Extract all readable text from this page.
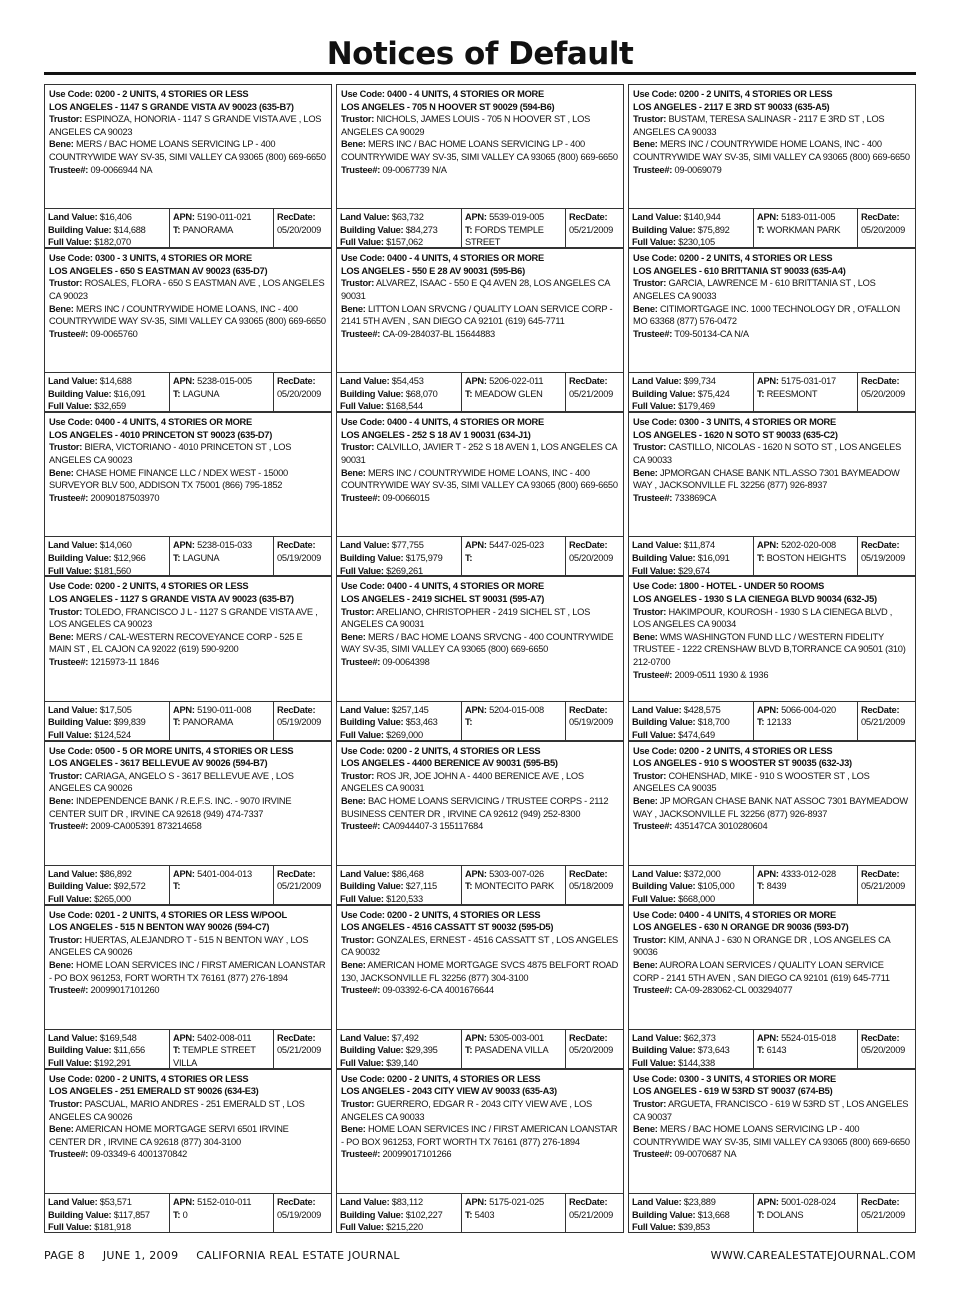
Notices of Default
Use Code: 0200 - 2 UNITS, 4 STORIES OR LESS
LOS ANGELES - 1147 S GRANDE VISTA AV 90023 (635-B7)
Trustor: ESPINOZA, HONORIA - 1147 S GRANDE VISTA AVE , LOS ANGELES CA 90023
Bene: MERS / BAC HOME LOANS SERVICING LP - 400 COUNTRYWIDE WAY SV-35, SIMI VALLEY CA 93065 (800) 669-6650
Trustee#: 09-0066944 NA
Land Value: $16,406
Building Value: $14,688
Full Value: $182,070
APN: 5190-011-021
T: PANORAMA
RecDate:
05/20/2009
Use Code: 0400 - 4 UNITS, 4 STORIES OR MORE
LOS ANGELES - 705 N HOOVER ST 90029 (594-B6)
Trustor: NICHOLS, JAMES LOUIS - 705 N HOOVER ST , LOS ANGELES CA 90029
Bene: MERS INC / BAC HOME LOANS SERVICING LP - 400 COUNTRYWIDE WAY SV-35, SIMI VALLEY CA 93065 (800) 669-6650
Trustee#: 09-0067739 N/A
Land Value: $63,732
Building Value: $84,273
Full Value: $157,062
APN: 5539-019-005
T: FORDS TEMPLE STREET
RecDate:
05/21/2009
Use Code: 0200 - 2 UNITS, 4 STORIES OR LESS
LOS ANGELES - 2117 E 3RD ST 90033 (635-A5)
Trustor: BUSTAM, TERESA SALINASR - 2117 E 3RD ST , LOS ANGELES CA 90033
Bene: MERS INC / COUNTRYWIDE HOME LOANS, INC - 400 COUNTRYWIDE WAY SV-35, SIMI VALLEY CA 93065 (800) 669-6650
Trustee#: 09-0069079
Land Value: $140,944
Building Value: $75,892
Full Value: $230,105
APN: 5183-011-005
T: WORKMAN PARK
RecDate:
05/20/2009
Use Code: 0300 - 3 UNITS, 4 STORIES OR MORE
LOS ANGELES - 650 S EASTMAN AV 90023 (635-D7)
Trustor: ROSALES, FLORA - 650 S EASTMAN AVE , LOS ANGELES CA 90023
Bene: MERS INC / COUNTRYWIDE HOME LOANS, INC - 400 COUNTRYWIDE WAY SV-35, SIMI VALLEY CA 93065 (800) 669-6650
Trustee#: 09-0065760
Land Value: $14,688
Building Value: $16,091
Full Value: $32,659
APN: 5238-015-005
T: LAGUNA
RecDate:
05/20/2009
Use Code: 0400 - 4 UNITS, 4 STORIES OR MORE
LOS ANGELES - 550 E 28 AV 90031 (595-B6)
Trustor: ALVAREZ, ISAAC - 550 E Q4 AVEN 28, LOS ANGELES CA 90031
Bene: LITTON LOAN SRVCNG / QUALITY LOAN SERVICE CORP - 2141 5TH AVEN , SAN DIEGO CA 92101 (619) 645-7711
Trustee#: CA-09-284037-BL 15644883
Land Value: $54,453
Building Value: $68,070
Full Value: $168,544
APN: 5206-022-011
T: MEADOW GLEN
RecDate:
05/21/2009
Use Code: 0200 - 2 UNITS, 4 STORIES OR LESS
LOS ANGELES - 610 BRITTANIA ST 90033 (635-A4)
Trustor: GARCIA, LAWRENCE M - 610 BRITTANIA ST , LOS ANGELES CA 90033
Bene: CITIMORTGAGE INC. 1000 TECHNOLOGY DR , O'FALLON MO 63368 (877) 576-0472
Trustee#: T09-50134-CA N/A
Land Value: $99,734
Building Value: $75,424
Full Value: $179,469
APN: 5175-031-017
T: REESMONT
RecDate:
05/20/2009
Use Code: 0400 - 4 UNITS, 4 STORIES OR MORE
LOS ANGELES - 4010 PRINCETON ST 90023 (635-D7)
Trustor: BIERA, VICTORIANO - 4010 PRINCETON ST , LOS ANGELES CA 90023
Bene: CHASE HOME FINANCE LLC / NDEX WEST - 15000 SURVEYOR BLV 500, ADDISON TX 75001 (866) 795-1852
Trustee#: 20090187503970
Land Value: $14,060
Building Value: $12,966
Full Value: $181,560
APN: 5238-015-033
T: LAGUNA
RecDate:
05/19/2009
Use Code: 0400 - 4 UNITS, 4 STORIES OR MORE
LOS ANGELES - 252 S 18 AV 1 90031 (634-J1)
Trustor: CALVILLO, JAVIER T - 252 S 18 AVEN 1, LOS ANGELES CA 90031
Bene: MERS INC / COUNTRYWIDE HOME LOANS, INC - 400 COUNTRYWIDE WAY SV-35, SIMI VALLEY CA 93065 (800) 669-6650
Trustee#: 09-0066015
Land Value: $77,755
Building Value: $175,979
Full Value: $269,261
APN: 5447-025-023
T:
RecDate:
05/20/2009
Use Code: 0300 - 3 UNITS, 4 STORIES OR MORE
LOS ANGELES - 1620 N SOTO ST 90033 (635-C2)
Trustor: CASTILLO, NICOLAS - 1620 N SOTO ST , LOS ANGELES CA 90033
Bene: JPMORGAN CHASE BANK NTL.ASSO 7301 BAYMEADOW WAY , JACKSONVILLE FL 32256 (877) 926-8937
Trustee#: 733869CA
Land Value: $11,874
Building Value: $16,091
Full Value: $29,674
APN: 5202-020-008
T: BOSTON HEIGHTS
RecDate:
05/19/2009
Use Code: 0200 - 2 UNITS, 4 STORIES OR LESS
LOS ANGELES - 1127 S GRANDE VISTA AV 90023 (635-B7)
Trustor: TOLEDO, FRANCISCO J L - 1127 S GRANDE VISTA AVE , LOS ANGELES CA 90023
Bene: MERS / CAL-WESTERN RECOVEYANCE CORP - 525 E MAIN ST , EL CAJON CA 92022 (619) 590-9200
Trustee#: 1215973-11 1846
Land Value: $17,505
Building Value: $99,839
Full Value: $124,524
APN: 5190-011-008
T: PANORAMA
RecDate:
05/19/2009
Use Code: 0400 - 4 UNITS, 4 STORIES OR MORE
LOS ANGELES - 2419 SICHEL ST 90031 (595-A7)
Trustor: ARELIANO, CHRISTOPHER - 2419 SICHEL ST , LOS ANGELES CA 90031
Bene: MERS / BAC HOME LOANS SRVCNG - 400 COUNTRYWIDE WAY SV-35, SIMI VALLEY CA 93065 (800) 669-6650
Trustee#: 09-0064398
Land Value: $257,145
Building Value: $53,463
Full Value: $269,000
APN: 5204-015-008
T:
RecDate:
05/19/2009
Use Code: 1800 - HOTEL - UNDER 50 ROOMS
LOS ANGELES - 1930 S LA CIENEGA BLVD 90034 (632-J5)
Trustor: HAKIMPOUR, KOUROSH - 1930 S LA CIENEGA BLVD , LOS ANGELES CA 90034
Bene: WMS WASHINGTON FUND LLC / WESTERN FIDELITY TRUSTEE - 1222 CRENSHAW BLVD B,TORRANCE CA 90501 (310) 212-0700
Trustee#: 2009-0511 1930 & 1936
Land Value: $428,575
Building Value: $18,700
Full Value: $474,649
APN: 5066-004-020
T: 12133
RecDate:
05/21/2009
Use Code: 0500 - 5 OR MORE UNITS, 4 STORIES OR LESS
LOS ANGELES - 3617 BELLEVUE AV 90026 (594-B7)
Trustor: CARIAGA, ANGELO S - 3617 BELLEVUE AVE , LOS ANGELES CA 90026
Bene: INDEPENDENCE BANK / R.E.F.S. INC. - 9070 IRVINE CENTER SUIT DR , IRVINE CA 92618 (949) 474-7337
Trustee#: 2009-CA005391 873214658
Land Value: $86,892
Building Value: $92,572
Full Value: $265,000
APN: 5401-004-013
T:
RecDate:
05/21/2009
Use Code: 0200 - 2 UNITS, 4 STORIES OR LESS
LOS ANGELES - 4400 BERENICE AV 90031 (595-B5)
Trustor: ROS JR, JOE JOHN A - 4400 BERENICE AVE , LOS ANGELES CA 90031
Bene: BAC HOME LOANS SERVICING / TRUSTEE CORPS - 2112 BUSINESS CENTER DR , IRVINE CA 92612 (949) 252-8300
Trustee#: CA0944407-3 155117684
Land Value: $86,468
Building Value: $27,115
Full Value: $120,533
APN: 5303-007-026
T: MONTECITO PARK
RecDate:
05/18/2009
Use Code: 0200 - 2 UNITS, 4 STORIES OR LESS
LOS ANGELES - 910 S WOOSTER ST 90035 (632-J3)
Trustor: COHENSHAD, MIKE - 910 S WOOSTER ST , LOS ANGELES CA 90035
Bene: JP MORGAN CHASE BANK NAT ASSOC 7301 BAYMEADOW WAY , JACKSONVILLE FL 32256 (877) 926-8937
Trustee#: 435147CA 3010280604
Land Value: $372,000
Building Value: $105,000
Full Value: $668,000
APN: 4333-012-028
T: 8439
RecDate:
05/21/2009
Use Code: 0201 - 2 UNITS, 4 STORIES OR LESS W/POOL
LOS ANGELES - 515 N BENTON WAY 90026 (594-C7)
Trustor: HUERTAS, ALEJANDRO T - 515 N BENTON WAY , LOS ANGELES CA 90026
Bene: HOME LOAN SERVICES INC / FIRST AMERICAN LOANSTAR - PO BOX 961253, FORT WORTH TX 76161 (877) 276-1894
Trustee#: 20099017101260
Land Value: $169,548
Building Value: $11,656
Full Value: $192,291
APN: 5402-008-011
T: TEMPLE STREET VILLA
RecDate:
05/21/2009
Use Code: 0200 - 2 UNITS, 4 STORIES OR LESS
LOS ANGELES - 4516 CASSATT ST 90032 (595-D5)
Trustor: GONZALES, ERNEST - 4516 CASSATT ST , LOS ANGELES CA 90032
Bene: AMERICAN HOME MORTGAGE SVCS 4875 BELFORT ROAD 130, JACKSONVILLE FL 32256 (877) 304-3100
Trustee#: 09-03392-6-CA 4001676644
Land Value: $7,492
Building Value: $29,395
Full Value: $39,140
APN: 5305-003-001
T: PASADENA VILLA
RecDate:
05/20/2009
Use Code: 0400 - 4 UNITS, 4 STORIES OR MORE
LOS ANGELES - 630 N ORANGE DR 90036 (593-D7)
Trustor: KIM, ANNA J - 630 N ORANGE DR , LOS ANGELES CA 90036
Bene: AURORA LOAN SERVICES / QUALITY LOAN SERVICE CORP - 2141 5TH AVEN , SAN DIEGO CA 92101 (619) 645-7711
Trustee#: CA-09-283062-CL 003294077
Land Value: $62,373
Building Value: $73,643
Full Value: $144,338
APN: 5524-015-018
T: 6143
RecDate:
05/20/2009
Use Code: 0200 - 2 UNITS, 4 STORIES OR LESS
LOS ANGELES - 251 EMERALD ST 90026 (634-E3)
Trustor: PASCUAL, MARIO ANDRES - 251 EMERALD ST , LOS ANGELES CA 90026
Bene: AMERICAN HOME MORTGAGE SERVI 6501 IRVINE CENTER DR , IRVINE CA 92618 (877) 304-3100
Trustee#: 09-03349-6 4001370842
Land Value: $53,571
Building Value: $117,857
Full Value: $181,918
APN: 5152-010-011
T: 0
RecDate:
05/19/2009
Use Code: 0200 - 2 UNITS, 4 STORIES OR LESS
LOS ANGELES - 2043 CITY VIEW AV 90033 (635-A3)
Trustor: GUERRERO, EDGAR R - 2043 CITY VIEW AVE , LOS ANGELES CA 90033
Bene: HOME LOAN SERVICES INC / FIRST AMERICAN LOANSTAR - PO BOX 961253, FORT WORTH TX 76161 (877) 276-1894
Trustee#: 20099017101266
Land Value: $83,112
Building Value: $102,227
Full Value: $215,220
APN: 5175-021-025
T: 5403
RecDate:
05/21/2009
Use Code: 0300 - 3 UNITS, 4 STORIES OR MORE
LOS ANGELES - 619 W 53RD ST 90037 (674-B5)
Trustor: ARGUETA, FRANCISCO - 619 W 53RD ST , LOS ANGELES CA 90037
Bene: MERS / BAC HOME LOANS SERVICING LP - 400 COUNTRYWIDE WAY SV-35, SIMI VALLEY CA 93065 (800) 669-6650
Trustee#: 09-0070687 NA
Land Value: $23,889
Building Value: $13,668
Full Value: $39,853
APN: 5001-028-024
T: DOLANS
RecDate:
05/21/2009
PAGE 8 JUNE 1, 2009 CALIFORNIA REAL ESTATE JOURNAL	WWW.CAREALESTATEJOURNAL.COM
